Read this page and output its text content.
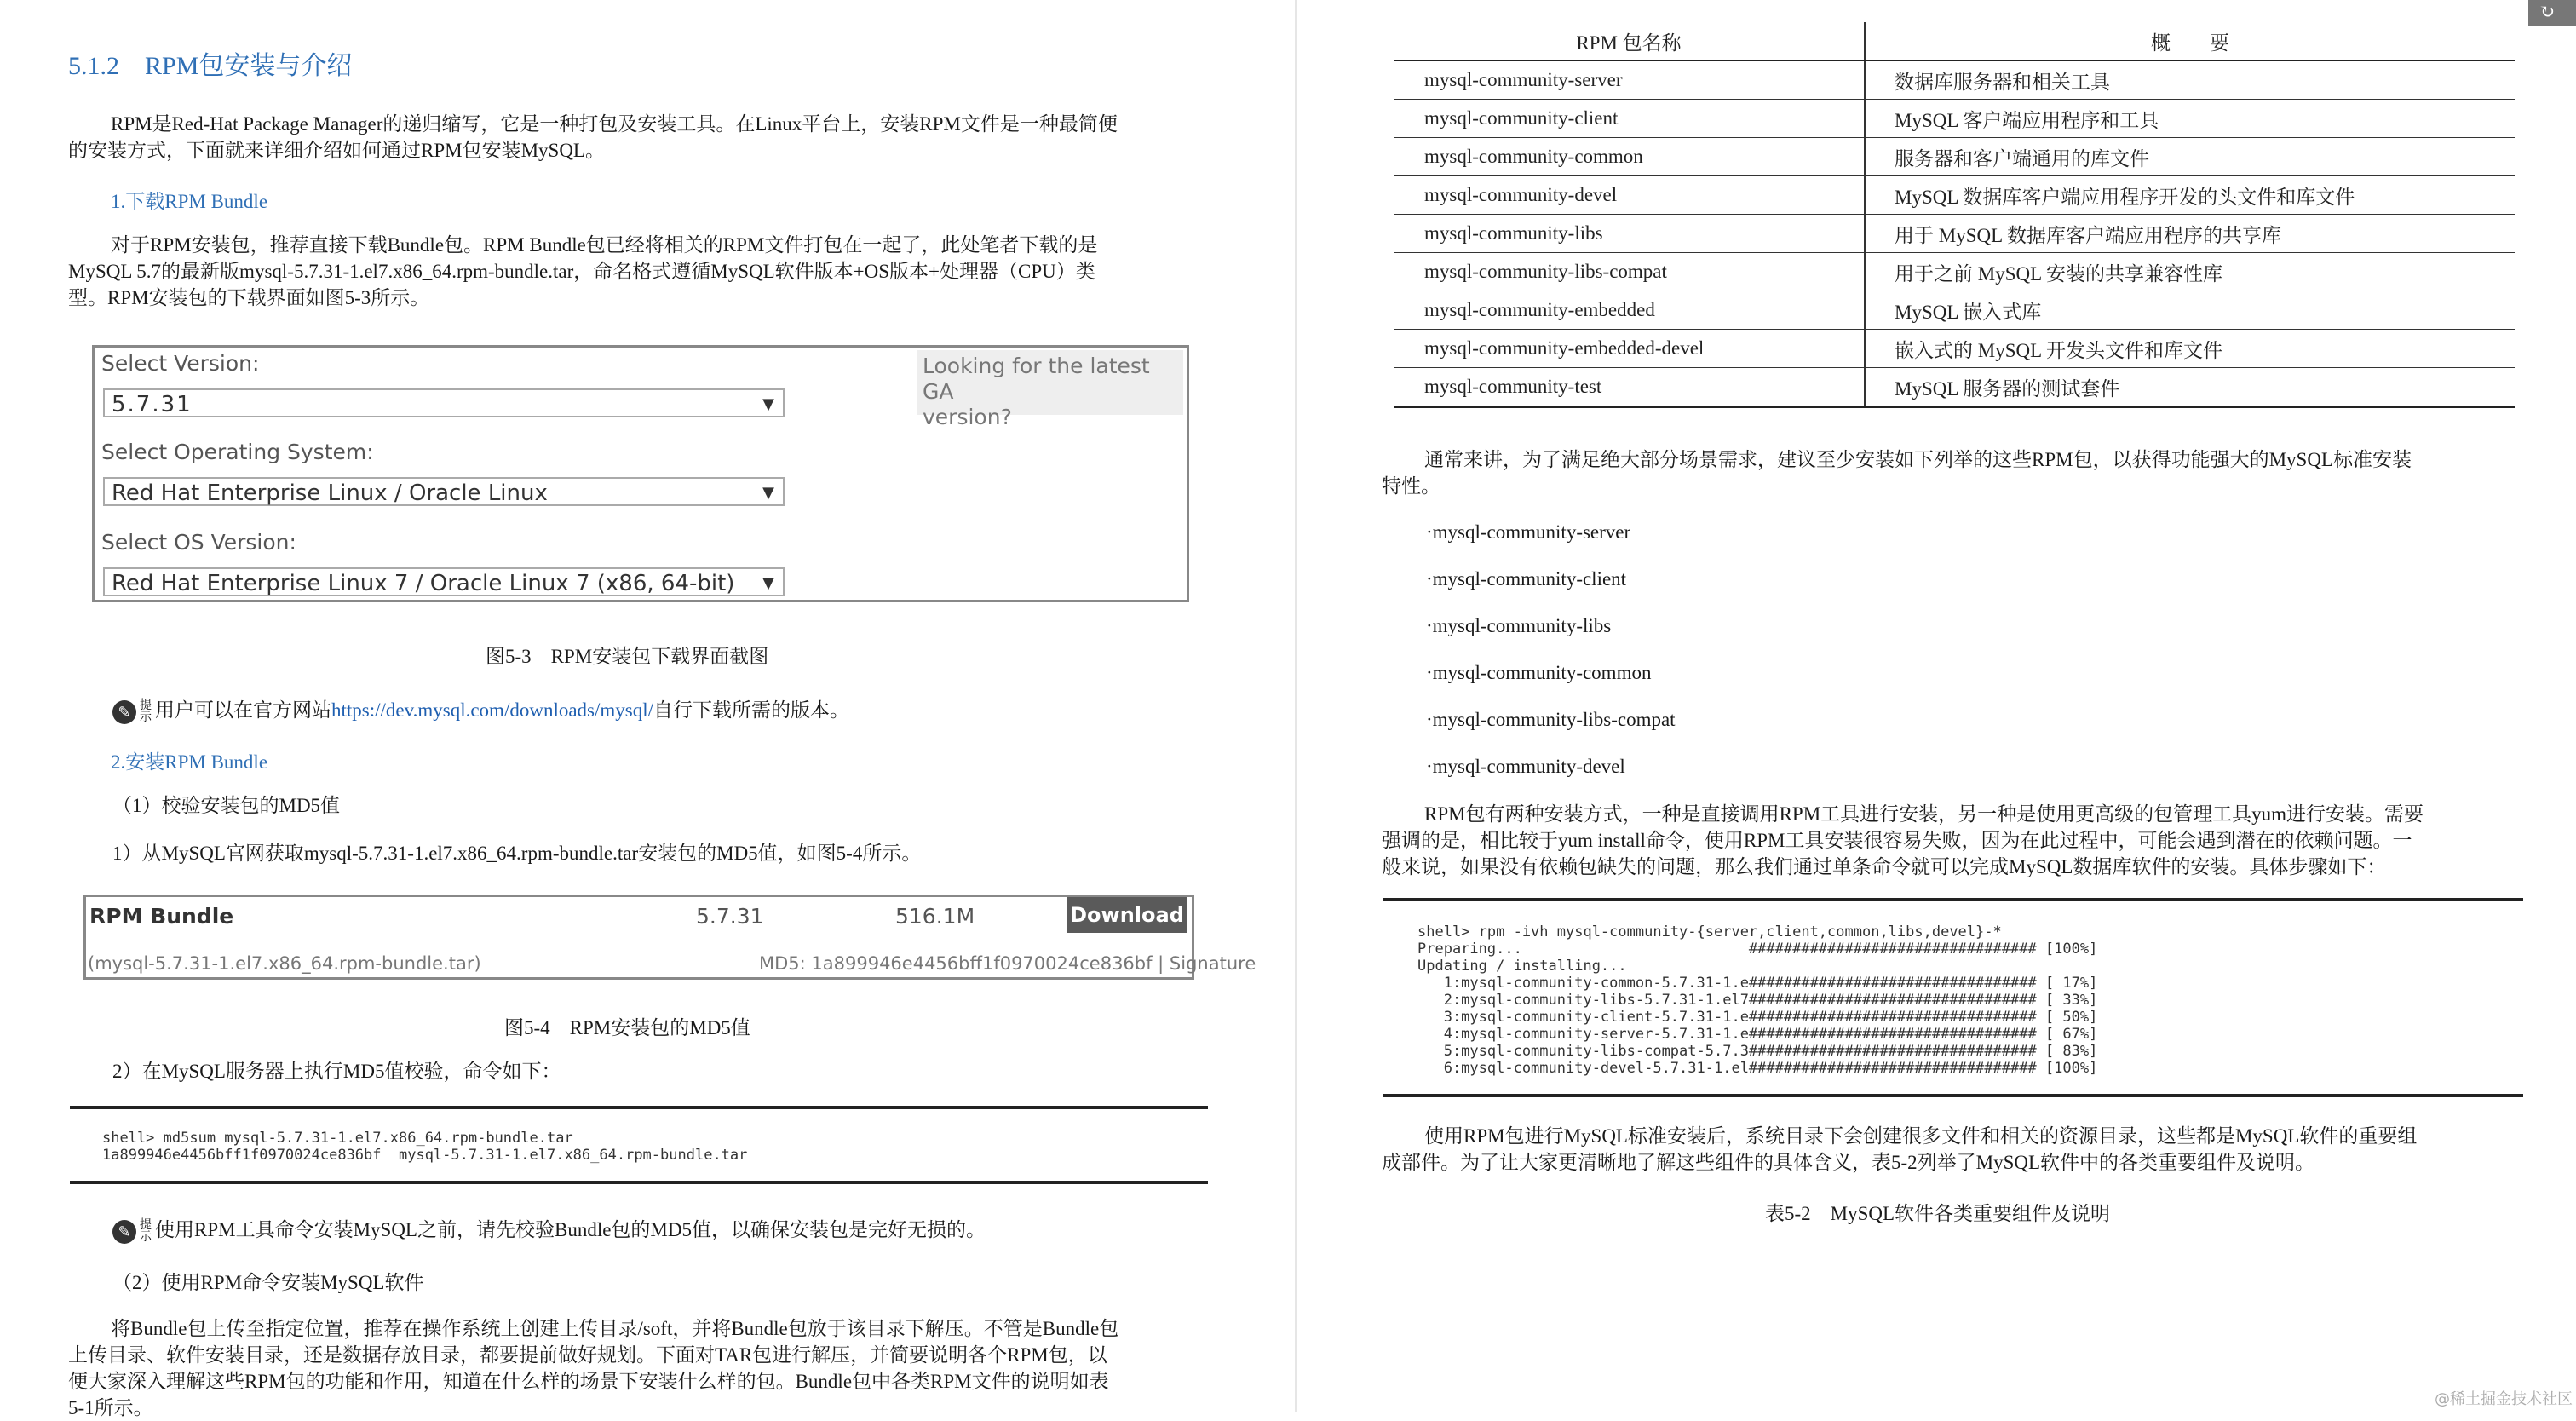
5.1.2　RPM包安装与介绍
RPM是Red-Hat Package Manager的递归缩写，它是一种打包及安装工具。在Linux平台上，安装RPM文件是一种最简便
的安装方式，下面就来详细介绍如何通过RPM包安装MySQL。
1.下载RPM Bundle
对于RPM安装包，推荐直接下载Bundle包。RPM Bundle包已经将相关的RPM文件打包在一起了，此处笔者下载的是
MySQL 5.7的最新版mysql-5.7.31-1.el7.x86_64.rpm-bundle.tar，命名格式遵循MySQL软件版本+OS版本+处理器（CPU）类
型。RPM安装包的下载界面如图5-3所示。
Select Version:
5.7.31	▼
Select Operating System:
Red Hat Enterprise Linux / Oracle Linux	▼
Select OS Version:
Red Hat Enterprise Linux 7 / Oracle Linux 7 (x86, 64-bit) ▼
Looking for the latest GA
version?
图5-3　RPM安装包下载界面截图
✎ 提示 用户可以在官方网站https://dev.mysql.com/downloads/mysql/自行下载所需的版本。
2.安装RPM Bundle
（1）校验安装包的MD5值
1）从MySQL官网获取mysql-5.7.31-1.el7.x86_64.rpm-bundle.tar安装包的MD5值，如图5-4所示。
RPM Bundle	5.7.31	516.1M	Download
(mysql-5.7.31-1.el7.x86_64.rpm-bundle.tar)	MD5: 1a899946e4456bff1f0970024ce836bf | Signature
图5-4　RPM安装包的MD5值
2）在MySQL服务器上执行MD5值校验，命令如下：
shell> md5sum mysql-5.7.31-1.el7.x86_64.rpm-bundle.tar
1a899946e4456bff1f0970024ce836bf  mysql-5.7.31-1.el7.x86_64.rpm-bundle.tar
✎ 提示 使用RPM工具命令安装MySQL之前，请先校验Bundle包的MD5值，以确保安装包是完好无损的。
（2）使用RPM命令安装MySQL软件
将Bundle包上传至指定位置，推荐在操作系统上创建上传目录/soft，并将Bundle包放于该目录下解压。不管是Bundle包
上传目录、软件安装目录，还是数据存放目录，都要提前做好规划。下面对TAR包进行解压，并简要说明各个RPM包，以
便大家深入理解这些RPM包的功能和作用，知道在什么样的场景下安装什么样的包。Bundle包中各类RPM文件的说明如表
5-1所示。
RPM 包名称	概　　要
mysql-community-server	数据库服务器和相关工具
mysql-community-client	MySQL 客户端应用程序和工具
mysql-community-common	服务器和客户端通用的库文件
mysql-community-devel	MySQL 数据库客户端应用程序开发的头文件和库文件
mysql-community-libs	用于 MySQL 数据库客户端应用程序的共享库
mysql-community-libs-compat	用于之前 MySQL 安装的共享兼容性库
mysql-community-embedded	MySQL 嵌入式库
mysql-community-embedded-devel	嵌入式的 MySQL 开发头文件和库文件
mysql-community-test	MySQL 服务器的测试套件
通常来讲，为了满足绝大部分场景需求，建议至少安装如下列举的这些RPM包，以获得功能强大的MySQL标准安装
特性。
·mysql-community-server
·mysql-community-client
·mysql-community-libs
·mysql-community-common
·mysql-community-libs-compat
·mysql-community-devel
RPM包有两种安装方式，一种是直接调用RPM工具进行安装，另一种是使用更高级的包管理工具yum进行安装。需要
强调的是，相比较于yum install命令，使用RPM工具安装很容易失败，因为在此过程中，可能会遇到潜在的依赖问题。一
般来说，如果没有依赖包缺失的问题，那么我们通过单条命令就可以完成MySQL数据库软件的安装。具体步骤如下：
shell> rpm -ivh mysql-community-{server,client,common,libs,devel}-*
Preparing...                          ################################# [100%]
Updating / installing...
1:mysql-community-common-5.7.31-1.e################################# [ 17%]
2:mysql-community-libs-5.7.31-1.el7################################# [ 33%]
3:mysql-community-client-5.7.31-1.e################################# [ 50%]
4:mysql-community-server-5.7.31-1.e################################# [ 67%]
5:mysql-community-libs-compat-5.7.3################################# [ 83%]
6:mysql-community-devel-5.7.31-1.el################################# [100%]
使用RPM包进行MySQL标准安装后，系统目录下会创建很多文件和相关的资源目录，这些都是MySQL软件的重要组
成部件。为了让大家更清晰地了解这些组件的具体含义，表5-2列举了MySQL软件中的各类重要组件及说明。
表5-2　MySQL软件各类重要组件及说明
@稀土掘金技术社区
↻
